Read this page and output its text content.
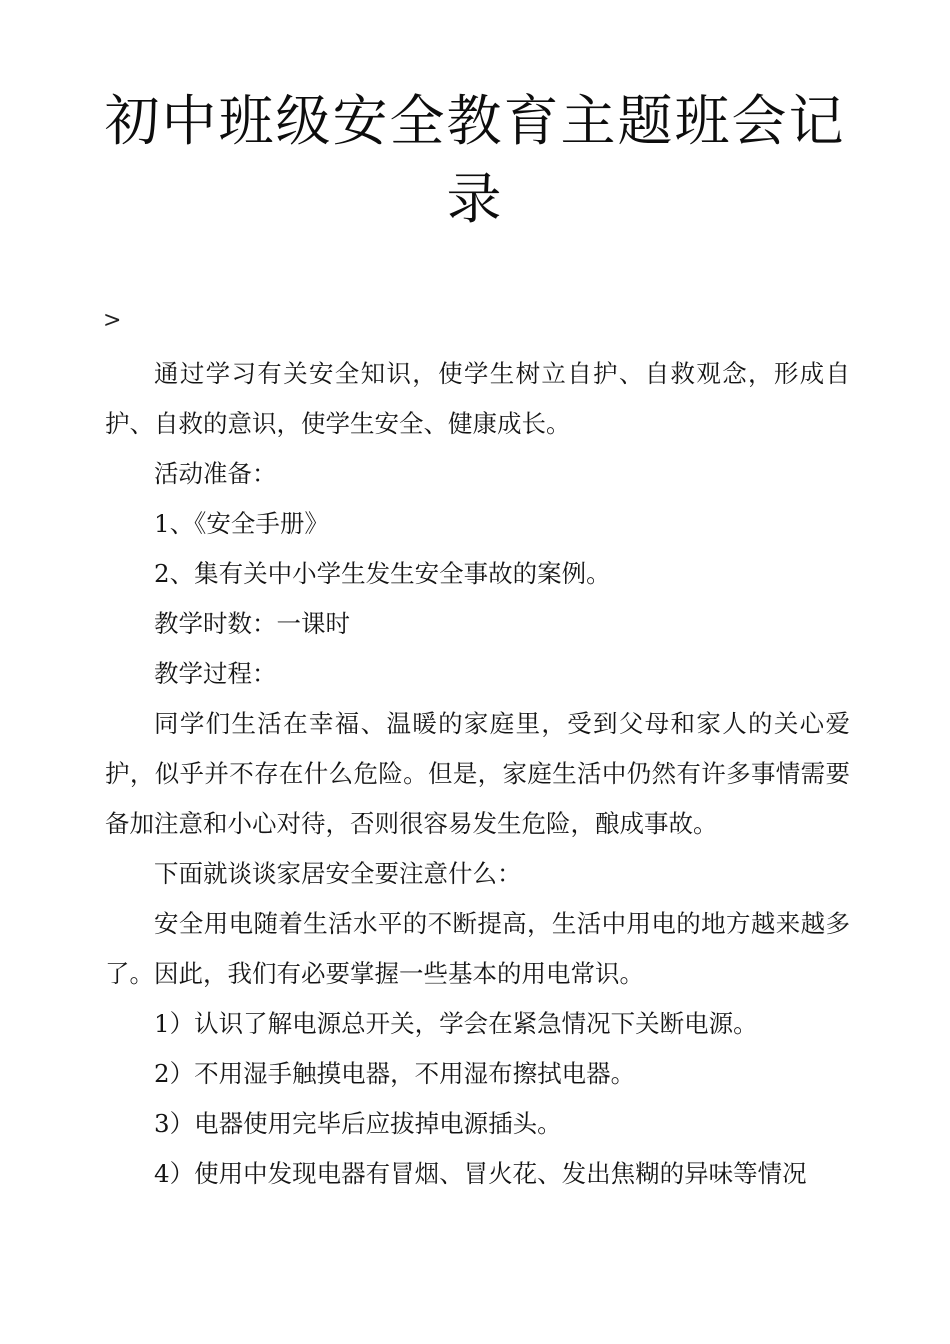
初中班级安全教育主题班会记录
>

通过学习有关安全知识，使学生树立自护、自救观念，形成自护、自救的意识，使学生安全、健康成长。

活动准备：

1、《安全手册》

2、集有关中小学生发生安全事故的案例。

教学时数：一课时

教学过程：

同学们生活在幸福、温暖的家庭里，受到父母和家人的关心爱护，似乎并不存在什么危险。但是，家庭生活中仍然有许多事情需要备加注意和小心对待，否则很容易发生危险，酿成事故。

下面就谈谈家居安全要注意什么：

安全用电随着生活水平的不断提高，生活中用电的地方越来越多了。因此，我们有必要掌握一些基本的用电常识。

1）认识了解电源总开关，学会在紧急情况下关断电源。

2）不用湿手触摸电器，不用湿布擦拭电器。

3）电器使用完毕后应拔掉电源插头。

4）使用中发现电器有冒烟、冒火花、发出焦糊的异味等情况
